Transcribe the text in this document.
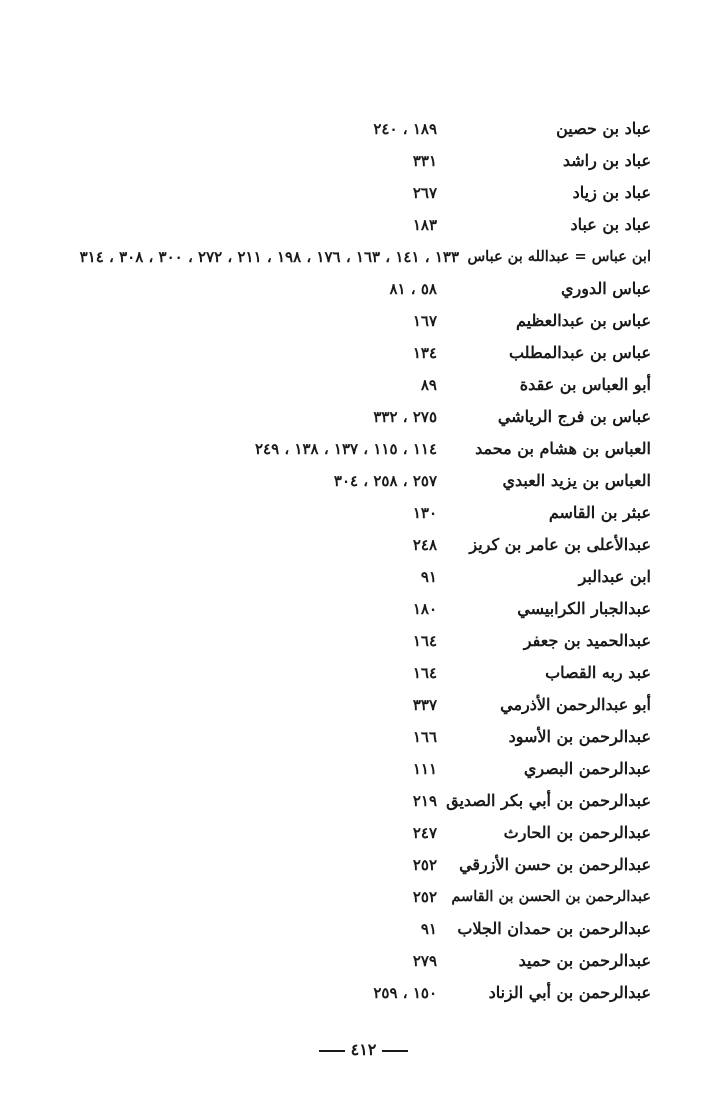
عباد بن حصين
١٨٩ ، ٢٤٠
عباد بن راشد
٣٣١
عباد بن زياد
٢٦٧
عباد بن عباد
١٨٣
ابن عباس = عبدالله بن عباس
١٣٣ ، ١٤١ ، ١٦٣ ، ١٧٦ ، ١٩٨ ، ٢١١ ، ٢٧٢ ، ٣٠٠ ، ٣٠٨ ، ٣١٤
عباس الدوري
٥٨ ، ٨١
عباس بن عبدالعظيم
١٦٧
عباس بن عبدالمطلب
١٣٤
أبو العباس بن عقدة
٨٩
عباس بن فرج الرياشي
٢٧٥ ، ٣٣٢
العباس بن هشام بن محمد
١١٤ ، ١١٥ ، ١٣٧ ، ١٣٨ ، ٢٤٩
العباس بن يزيد العبدي
٢٥٧ ، ٢٥٨ ، ٣٠٤
عبثر بن القاسم
١٣٠
عبدالأعلى بن عامر بن كريز
٢٤٨
ابن عبدالبر
٩١
عبدالجبار الكرابيسي
١٨٠
عبدالحميد بن جعفر
١٦٤
عبد ربه القصاب
١٦٤
أبو عبدالرحمن الأذرمي
٣٣٧
عبدالرحمن بن الأسود
١٦٦
عبدالرحمن البصري
١١١
عبدالرحمن بن أبي بكر الصديق
٢١٩
عبدالرحمن بن الحارث
٢٤٧
عبدالرحمن بن حسن الأزرقي
٢٥٢
عبدالرحمن بن الحسن بن القاسم
٢٥٢
عبدالرحمن بن حمدان الجلاب
٩١
عبدالرحمن بن حميد
٢٧٩
عبدالرحمن بن أبي الزناد
١٥٠ ، ٢٥٩
٤١٢
